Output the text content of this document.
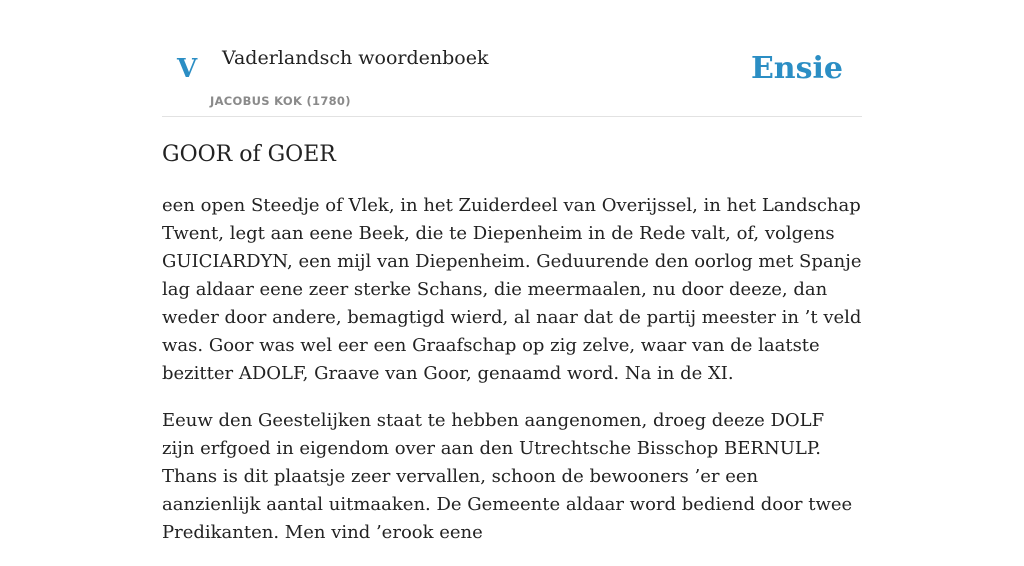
V Vaderlandsch woordenboek
JACOBUS KOK (1780)
Ensie
GOOR of GOER

een open Steedje of Vlek, in het Zuiderdeel van Overijssel, in het Landschap Twent, legt aan eene Beek, die te Diepenheim in de Rede valt, of, volgens GUICIARDYN, een mijl van Diepenheim. Geduurende den oorlog met Spanje lag aldaar eene zeer sterke Schans, die meermaalen, nu door deeze, dan weder door andere, bemagtigd wierd, al naar dat de partij meester in ’t veld was. Goor was wel eer een Graafschap op zig zelve, waar van de laatste bezitter ADOLF, Graave van Goor, genaamd word. Na in de XI.

Eeuw den Geestelijken staat te hebben aangenomen, droeg deeze DOLF zijn erfgoed in eigendom over aan den Utrechtsche Bisschop BERNULP. Thans is dit plaatsje zeer vervallen, schoon de bewooners ’er een aanzienlijk aantal uitmaaken. De Gemeente aldaar word bediend door twee Predikanten. Men vind ’erook eene
